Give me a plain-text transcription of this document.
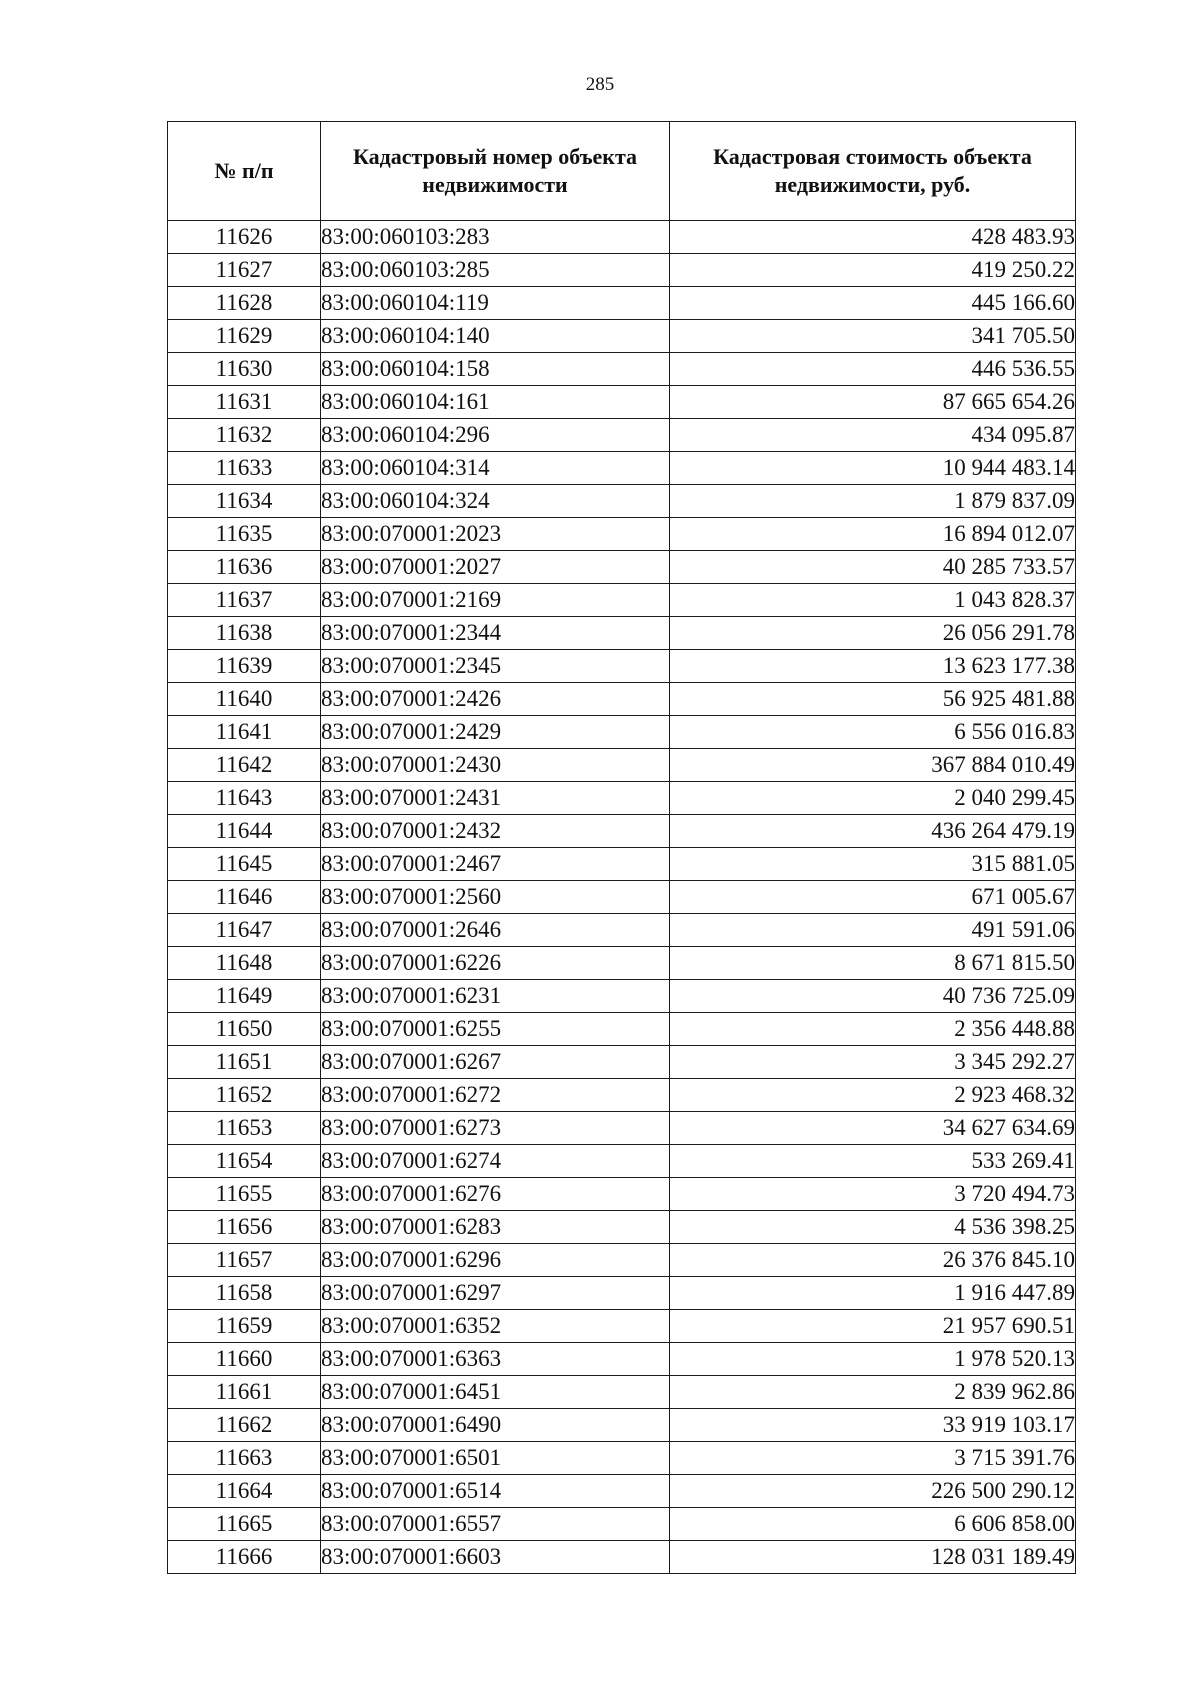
285
№ п/п	Кадастровый номер объекта недвижимости	Кадастровая стоимость объекта недвижимости, руб.
11626	83:00:060103:283	428 483.93
11627	83:00:060103:285	419 250.22
11628	83:00:060104:119	445 166.60
11629	83:00:060104:140	341 705.50
11630	83:00:060104:158	446 536.55
11631	83:00:060104:161	87 665 654.26
11632	83:00:060104:296	434 095.87
11633	83:00:060104:314	10 944 483.14
11634	83:00:060104:324	1 879 837.09
11635	83:00:070001:2023	16 894 012.07
11636	83:00:070001:2027	40 285 733.57
11637	83:00:070001:2169	1 043 828.37
11638	83:00:070001:2344	26 056 291.78
11639	83:00:070001:2345	13 623 177.38
11640	83:00:070001:2426	56 925 481.88
11641	83:00:070001:2429	6 556 016.83
11642	83:00:070001:2430	367 884 010.49
11643	83:00:070001:2431	2 040 299.45
11644	83:00:070001:2432	436 264 479.19
11645	83:00:070001:2467	315 881.05
11646	83:00:070001:2560	671 005.67
11647	83:00:070001:2646	491 591.06
11648	83:00:070001:6226	8 671 815.50
11649	83:00:070001:6231	40 736 725.09
11650	83:00:070001:6255	2 356 448.88
11651	83:00:070001:6267	3 345 292.27
11652	83:00:070001:6272	2 923 468.32
11653	83:00:070001:6273	34 627 634.69
11654	83:00:070001:6274	533 269.41
11655	83:00:070001:6276	3 720 494.73
11656	83:00:070001:6283	4 536 398.25
11657	83:00:070001:6296	26 376 845.10
11658	83:00:070001:6297	1 916 447.89
11659	83:00:070001:6352	21 957 690.51
11660	83:00:070001:6363	1 978 520.13
11661	83:00:070001:6451	2 839 962.86
11662	83:00:070001:6490	33 919 103.17
11663	83:00:070001:6501	3 715 391.76
11664	83:00:070001:6514	226 500 290.12
11665	83:00:070001:6557	6 606 858.00
11666	83:00:070001:6603	128 031 189.49
